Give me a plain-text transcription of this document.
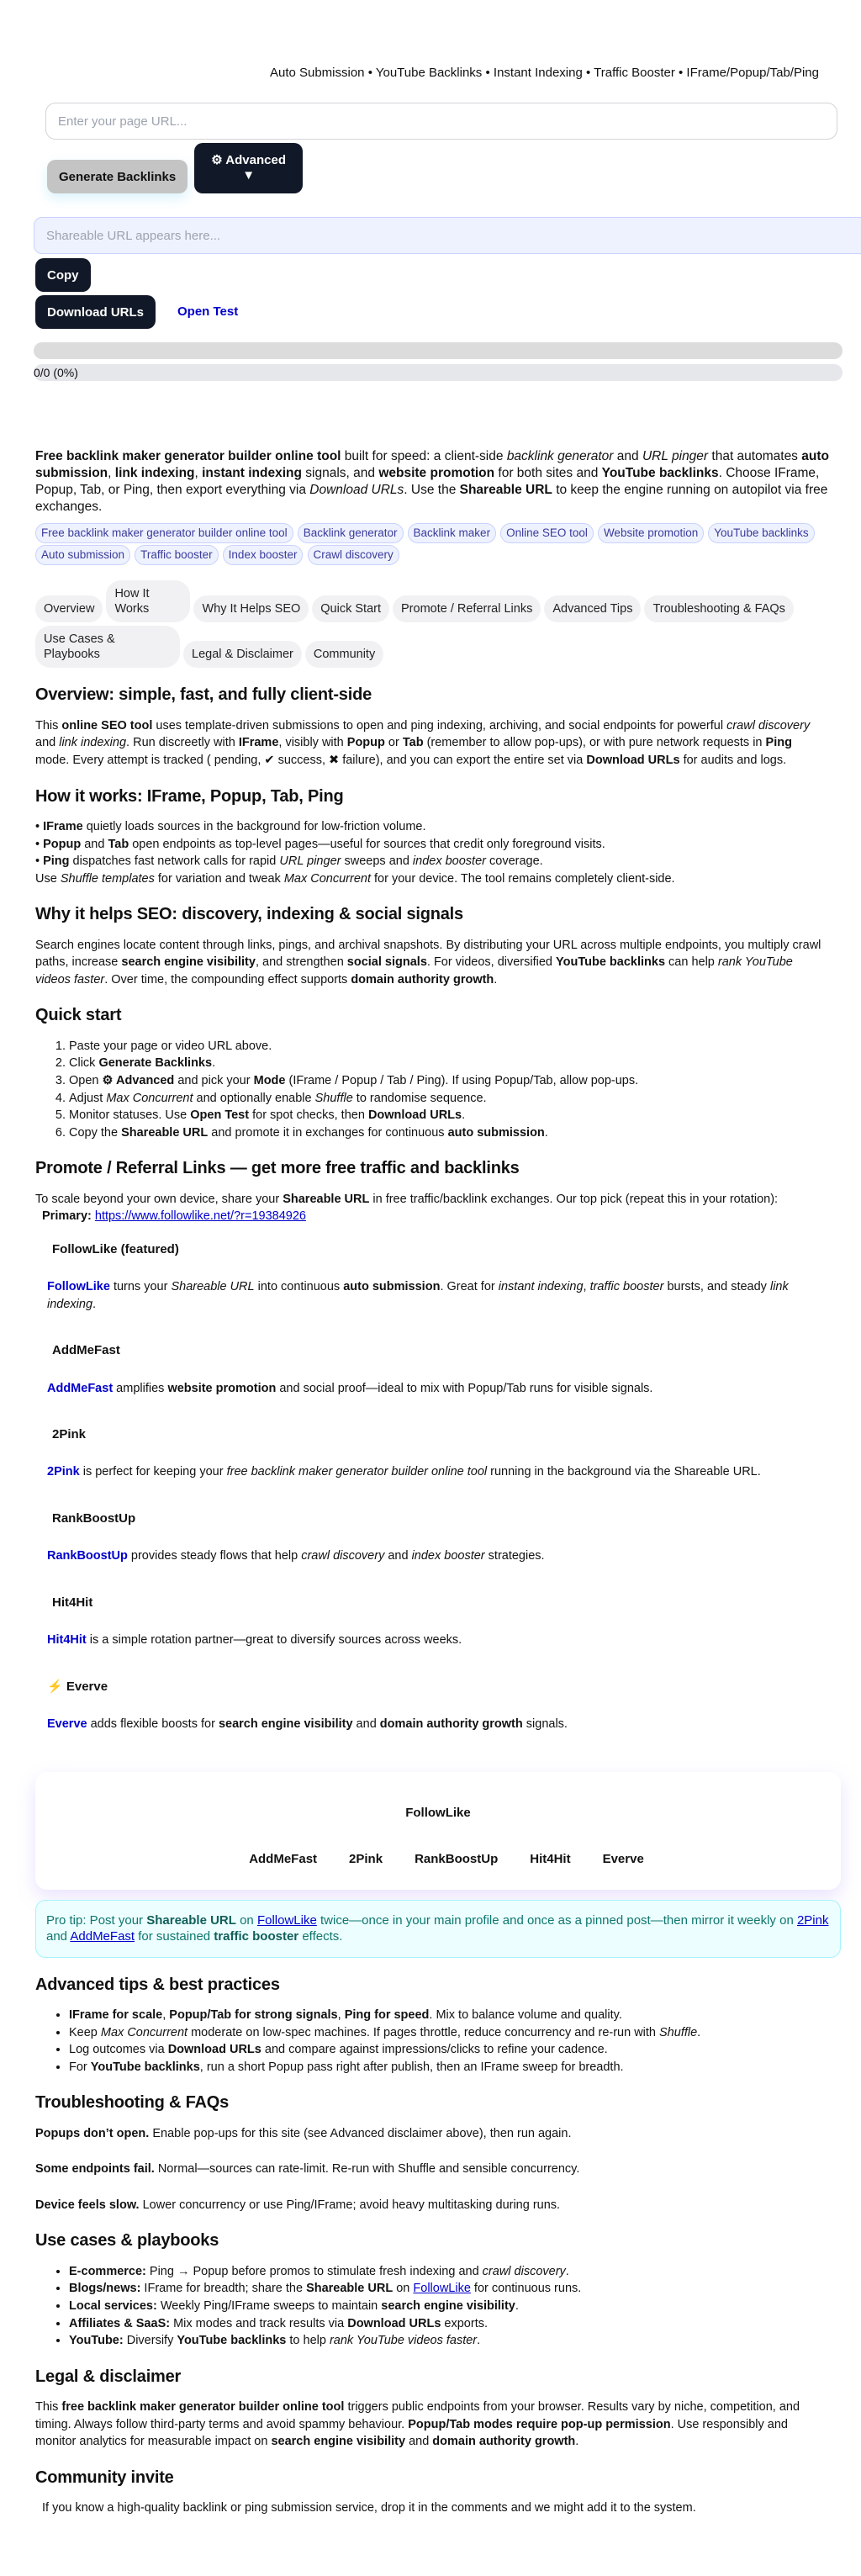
Auto Submission • YouTube Backlinks • Instant Indexing • Traffic Booster • IFrame/Popup/Tab/Ping
Enter your page URL...
Generate Backlinks
⚙ Advanced
▼
Shareable URL appears here...
Copy
Download URLs	Open Test
0/0 (0%)

Free backlink maker generator builder online tool built for speed: a client-side backlink generator and URL pinger that automates auto submission, link indexing, instant indexing signals, and website promotion for both sites and YouTube backlinks. Choose IFrame, Popup, Tab, or Ping, then export everything via Download URLs. Use the Shareable URL to keep the engine running on autopilot via free exchanges.

Free backlink maker generator builder online tool Backlink generator Backlink maker Online SEO tool Website promotion YouTube backlinks Auto submission Traffic booster Index booster Crawl discovery
Overview
How It Works	Why It Helps SEO	Quick Start	Promote / Referral Links	Advanced Tips	Troubleshooting & FAQs
Use Cases & Playbooks	Legal & Disclaimer	Community
Overview: simple, fast, and fully client-side

This online SEO tool uses template-driven submissions to open and ping indexing, archiving, and social endpoints for powerful crawl discovery and link indexing. Run discreetly with IFrame, visibly with Popup or Tab (remember to allow pop-ups), or with pure network requests in Ping mode. Every attempt is tracked ( pending, ✔ success, ✖ failure), and you can export the entire set via Download URLs for audits and logs.

How it works: IFrame, Popup, Tab, Ping
• IFrame quietly loads sources in the background for low-friction volume.
• Popup and Tab open endpoints as top-level pages—useful for sources that credit only foreground visits.
• Ping dispatches fast network calls for rapid URL pinger sweeps and index booster coverage.
Use Shuffle templates for variation and tweak Max Concurrent for your device. The tool remains completely client-side.
Why it helps SEO: discovery, indexing & social signals

Search engines locate content through links, pings, and archival snapshots. By distributing your URL across multiple endpoints, you multiply crawl paths, increase search engine visibility, and strengthen social signals. For videos, diversified YouTube backlinks can help rank YouTube videos faster. Over time, the compounding effect supports domain authority growth.

Quick start
1. Paste your page or video URL above.
2. Click Generate Backlinks.
3. Open ⚙ Advanced and pick your Mode (IFrame / Popup / Tab / Ping). If using Popup/Tab, allow pop-ups.
4. Adjust Max Concurrent and optionally enable Shuffle to randomise sequence.
5. Monitor statuses. Use Open Test for spot checks, then Download URLs.
6. Copy the Shareable URL and promote it in exchanges for continuous auto submission.
Promote / Referral Links — get more free traffic and backlinks

To scale beyond your own device, share your Shareable URL in free traffic/backlink exchanges. Our top pick (repeat this in your rotation):

Primary: https://www.followlike.net/?r=19384926
FollowLike (featured)

FollowLike turns your Shareable URL into continuous auto submission. Great for instant indexing, traffic booster bursts, and steady link indexing.

AddMeFast

AddMeFast amplifies website promotion and social proof—ideal to mix with Popup/Tab runs for visible signals.

2Pink

2Pink is perfect for keeping your free backlink maker generator builder online tool running in the background via the Shareable URL.

RankBoostUp

RankBoostUp provides steady flows that help crawl discovery and index booster strategies.

Hit4Hit

Hit4Hit is a simple rotation partner—great to diversify sources across weeks.

⚡ Everve

Everve adds flexible boosts for search engine visibility and domain authority growth signals.

FollowLike
AddMeFast	2Pink	RankBoostUp	Hit4Hit	Everve
Pro tip: Post your Shareable URL on FollowLike twice—once in your main profile and once as a pinned post—then mirror it weekly on 2Pink and AddMeFast for sustained traffic booster effects.
Advanced tips & best practices
• IFrame for scale, Popup/Tab for strong signals, Ping for speed. Mix to balance volume and quality.
• Keep Max Concurrent moderate on low-spec machines. If pages throttle, reduce concurrency and re-run with Shuffle.
• Log outcomes via Download URLs and compare against impressions/clicks to refine your cadence.
• For YouTube backlinks, run a short Popup pass right after publish, then an IFrame sweep for breadth.
Troubleshooting & FAQs

Popups don’t open. Enable pop-ups for this site (see Advanced disclaimer above), then run again.

Some endpoints fail. Normal—sources can rate-limit. Re-run with Shuffle and sensible concurrency.

Device feels slow. Lower concurrency or use Ping/IFrame; avoid heavy multitasking during runs.

Use cases & playbooks
• E-commerce: Ping → Popup before promos to stimulate fresh indexing and crawl discovery.
• Blogs/news: IFrame for breadth; share the Shareable URL on FollowLike for continuous runs.
• Local services: Weekly Ping/IFrame sweeps to maintain search engine visibility.
• Affiliates & SaaS: Mix modes and track results via Download URLs exports.
• YouTube: Diversify YouTube backlinks to help rank YouTube videos faster.
Legal & disclaimer

This free backlink maker generator builder online tool triggers public endpoints from your browser. Results vary by niche, competition, and timing. Always follow third-party terms and avoid spammy behaviour. Popup/Tab modes require pop-up permission. Use responsibly and monitor analytics for measurable impact on search engine visibility and domain authority growth.

Community invite

If you know a high-quality backlink or ping submission service, drop it in the comments and we might add it to the system.
